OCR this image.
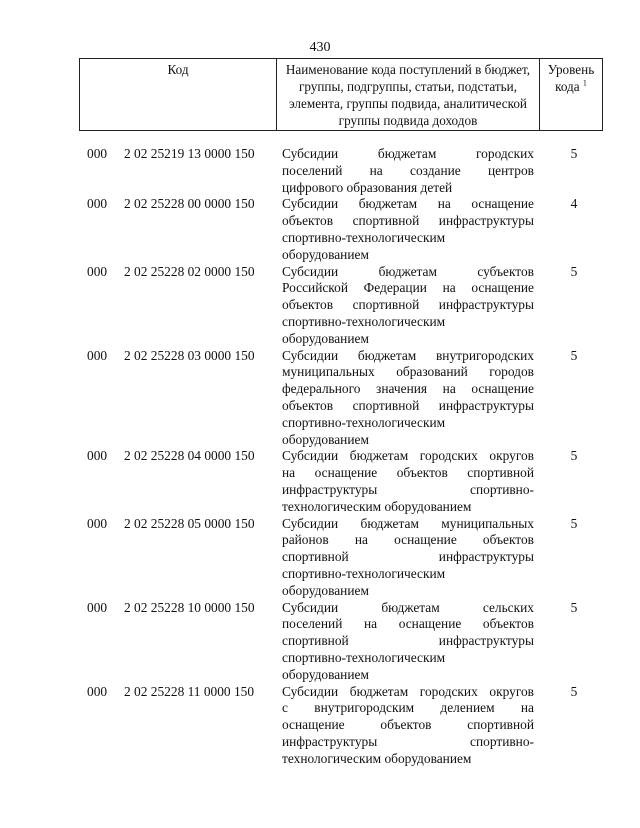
430
Код	Наименование кода поступлений в бюджет, группы, подгруппы, статьи, подстатьи, элемента, группы подвида, аналитической группы подвида доходов	Уровень кода $^1$
000 2 02 25219 13 0000 150 Субсидии бюджетам городских
поселений на создание центров
цифрового образования детей
5
000 2 02 25228 00 0000 150 Субсидии бюджетам на оснащение
объектов спортивной инфраструктуры
спортивно-технологическим
оборудованием
4
000 2 02 25228 02 0000 150 Субсидии бюджетам субъектов
Российской Федерации на оснащение
объектов спортивной инфраструктуры
спортивно-технологическим
оборудованием
5
000 2 02 25228 03 0000 150 Субсидии бюджетам внутригородских
муниципальных образований городов
федерального значения на оснащение
объектов спортивной инфраструктуры
спортивно-технологическим
оборудованием
5
000 2 02 25228 04 0000 150 Субсидии бюджетам городских округов
на оснащение объектов спортивной
инфраструктуры спортивно-
технологическим оборудованием
5
000 2 02 25228 05 0000 150 Субсидии бюджетам муниципальных
районов на оснащение объектов
спортивной инфраструктуры
спортивно-технологическим
оборудованием
5
000 2 02 25228 10 0000 150 Субсидии бюджетам сельских
поселений на оснащение объектов
спортивной инфраструктуры
спортивно-технологическим
оборудованием
5
000 2 02 25228 11 0000 150 Субсидии бюджетам городских округов
с внутригородским делением на
оснащение объектов спортивной
инфраструктуры спортивно-
технологическим оборудованием
5
